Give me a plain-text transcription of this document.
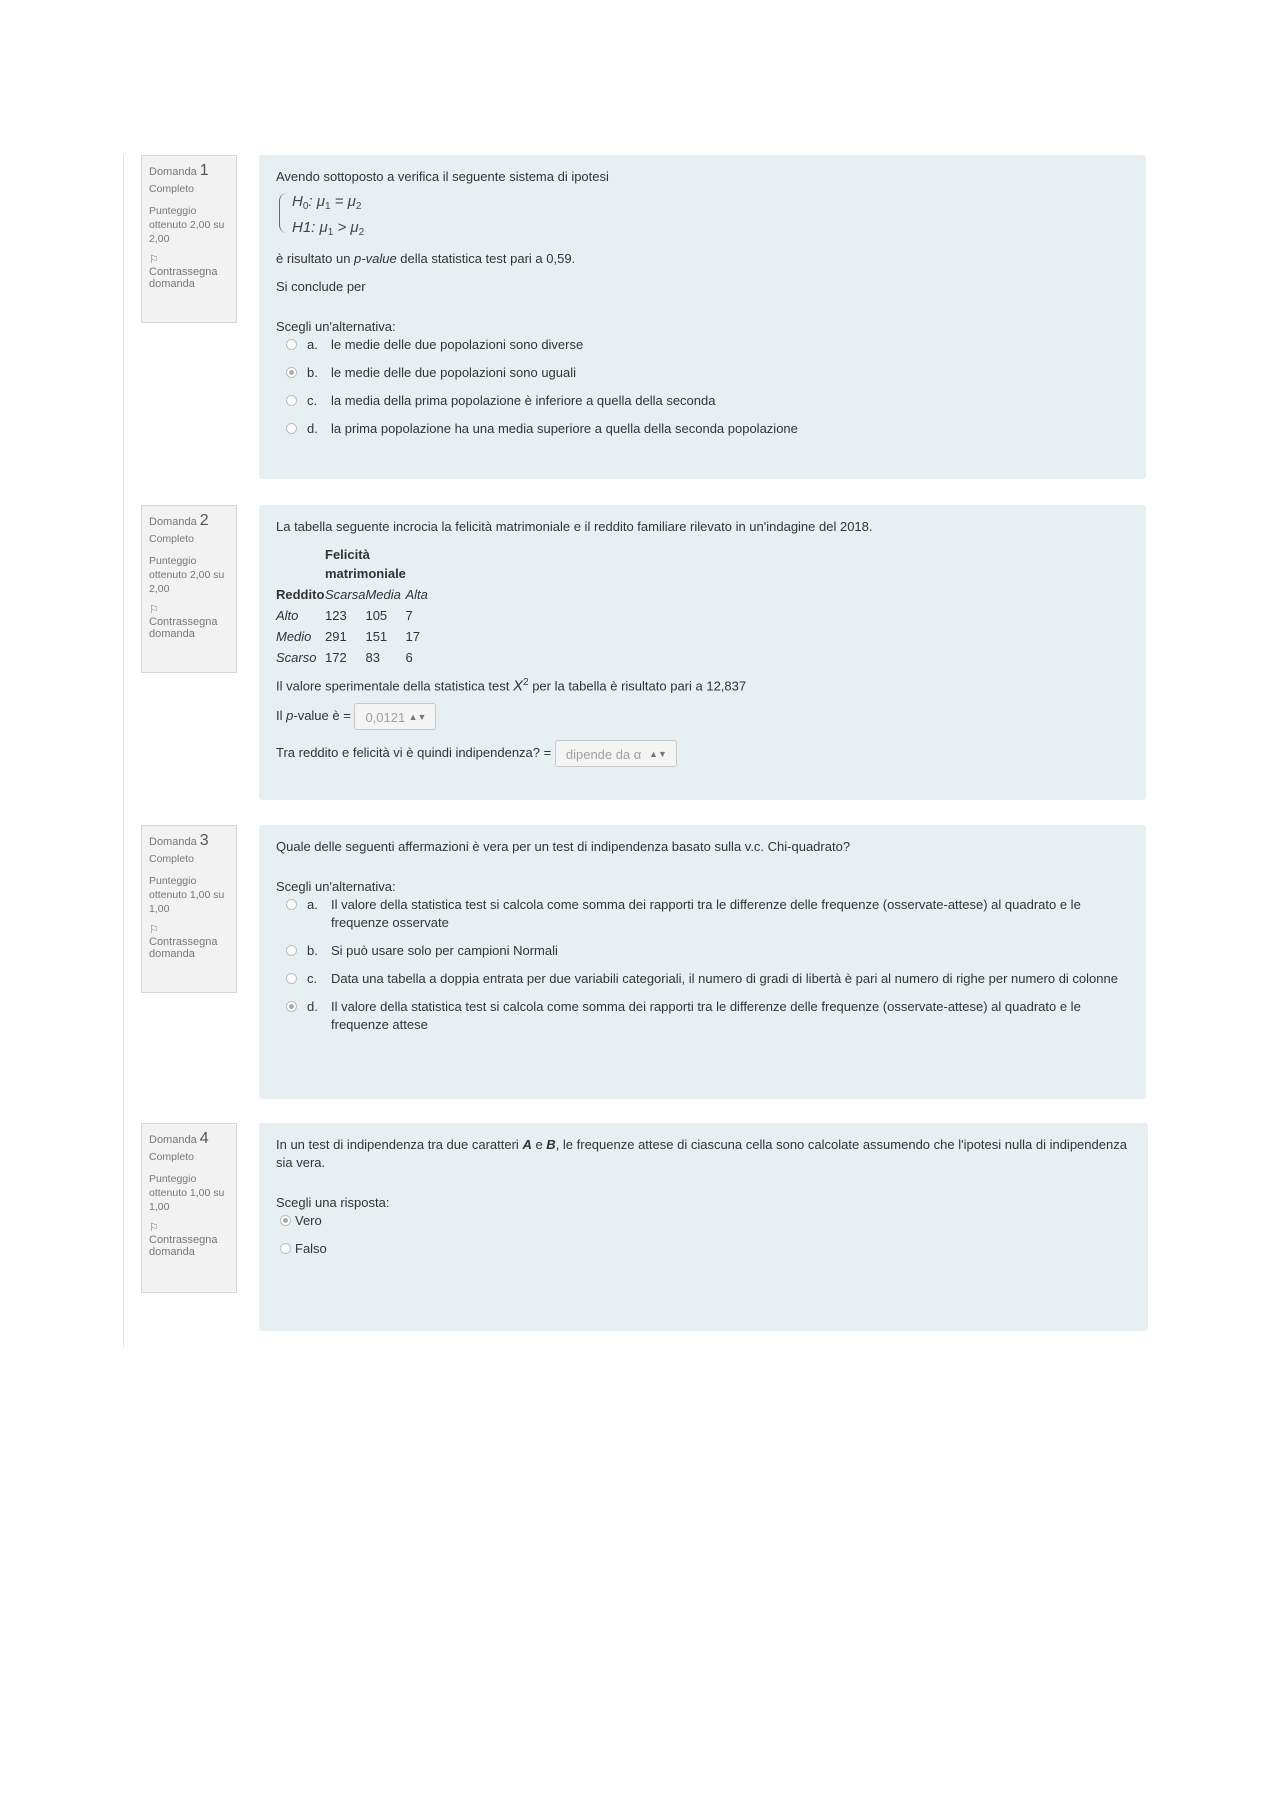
Domanda 1
Completo
Punteggio ottenuto 2,00 su 2,00
⚐
Contrassegna domanda

Avendo sottoposto a verifica il seguente sistema di ipotesi

$H_0$: $\mu_1 = \mu_2$
H1: $\mu_1 > \mu_2$

è risultato un p-value della statistica test pari a 0,59.

Si conclude per

Scegli un'alternativa:

a.	le medie delle due popolazioni sono diverse
b.	le medie delle due popolazioni sono uguali
c.	la media della prima popolazione è inferiore a quella della seconda
d.	la prima popolazione ha una media superiore a quella della seconda popolazione
Domanda 2
Completo
Punteggio ottenuto 2,00 su 2,00
⚐
Contrassegna domanda

La tabella seguente incrocia la felicità matrimoniale e il reddito familiare rilevato in un'indagine del 2018.

	Felicità matrimoniale		
Reddito	Scarsa	Media	Alta
Alto	123	105	7
Medio	291	151	17
Scarso	172	83	6

Il valore sperimentale della statistica test $X^2$ per la tabella è risultato pari a 12,837

Il p-value è = 0,0121 ▲▼

Tra reddito e felicità vi è quindi indipendenza? = dipende da α ▲▼

Domanda 3
Completo
Punteggio ottenuto 1,00 su 1,00
⚐
Contrassegna domanda

Quale delle seguenti affermazioni è vera per un test di indipendenza basato sulla v.c. Chi-quadrato?

Scegli un'alternativa:

a.	Il valore della statistica test si calcola come somma dei rapporti tra le differenze delle frequenze (osservate-attese) al quadrato e le frequenze osservate
b.	Si può usare solo per campioni Normali
c.	Data una tabella a doppia entrata per due variabili categoriali, il numero di gradi di libertà è pari al numero di righe per numero di colonne
d.	Il valore della statistica test si calcola come somma dei rapporti tra le differenze delle frequenze (osservate-attese) al quadrato e le frequenze attese
Domanda 4
Completo
Punteggio ottenuto 1,00 su 1,00
⚐
Contrassegna domanda

In un test di indipendenza tra due caratteri A e B, le frequenze attese di ciascuna cella sono calcolate assumendo che l'ipotesi nulla di indipendenza sia vera.

Scegli una risposta:

Vero
Falso
